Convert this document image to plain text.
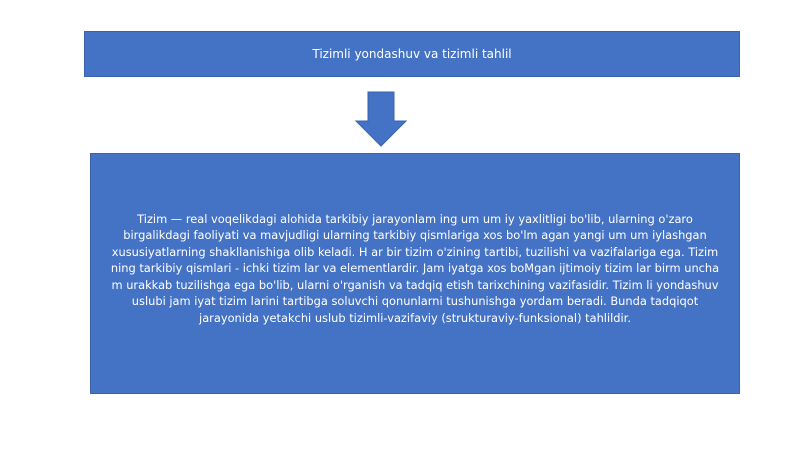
Tizimli yondashuv va tizimli tahlil

Tizim — real voqelikdagi alohida tarkibiy jarayonlam ing um um iy yaxlitligi bo'lib, ularning o'zaro birgalikdagi faoliyati va mavjudligi ularning tarkibiy qismlariga xos bo'lm agan yangi um um iylashgan xususiyatlarning shakllanishiga olib keladi. H ar bir tizim o'zining tartibi, tuzilishi va vazifalariga ega. Tizim ning tarkibiy qismlari - ichki tizim lar va elementlardir. Jam iyatga xos boMgan ijtimoiy tizim lar birm uncha m urakkab tuzilishga ega bo'lib, ularni o'rganish va tadqiq etish tarixchining vazifasidir. Tizim li yondashuv uslubi jam iyat tizim larini tartibga soluvchi qonunlarni tushunishga yordam beradi. Bunda tadqiqot jarayonida yetakchi uslub tizimli-vazifaviy (strukturaviy-funksional) tahlildir.
